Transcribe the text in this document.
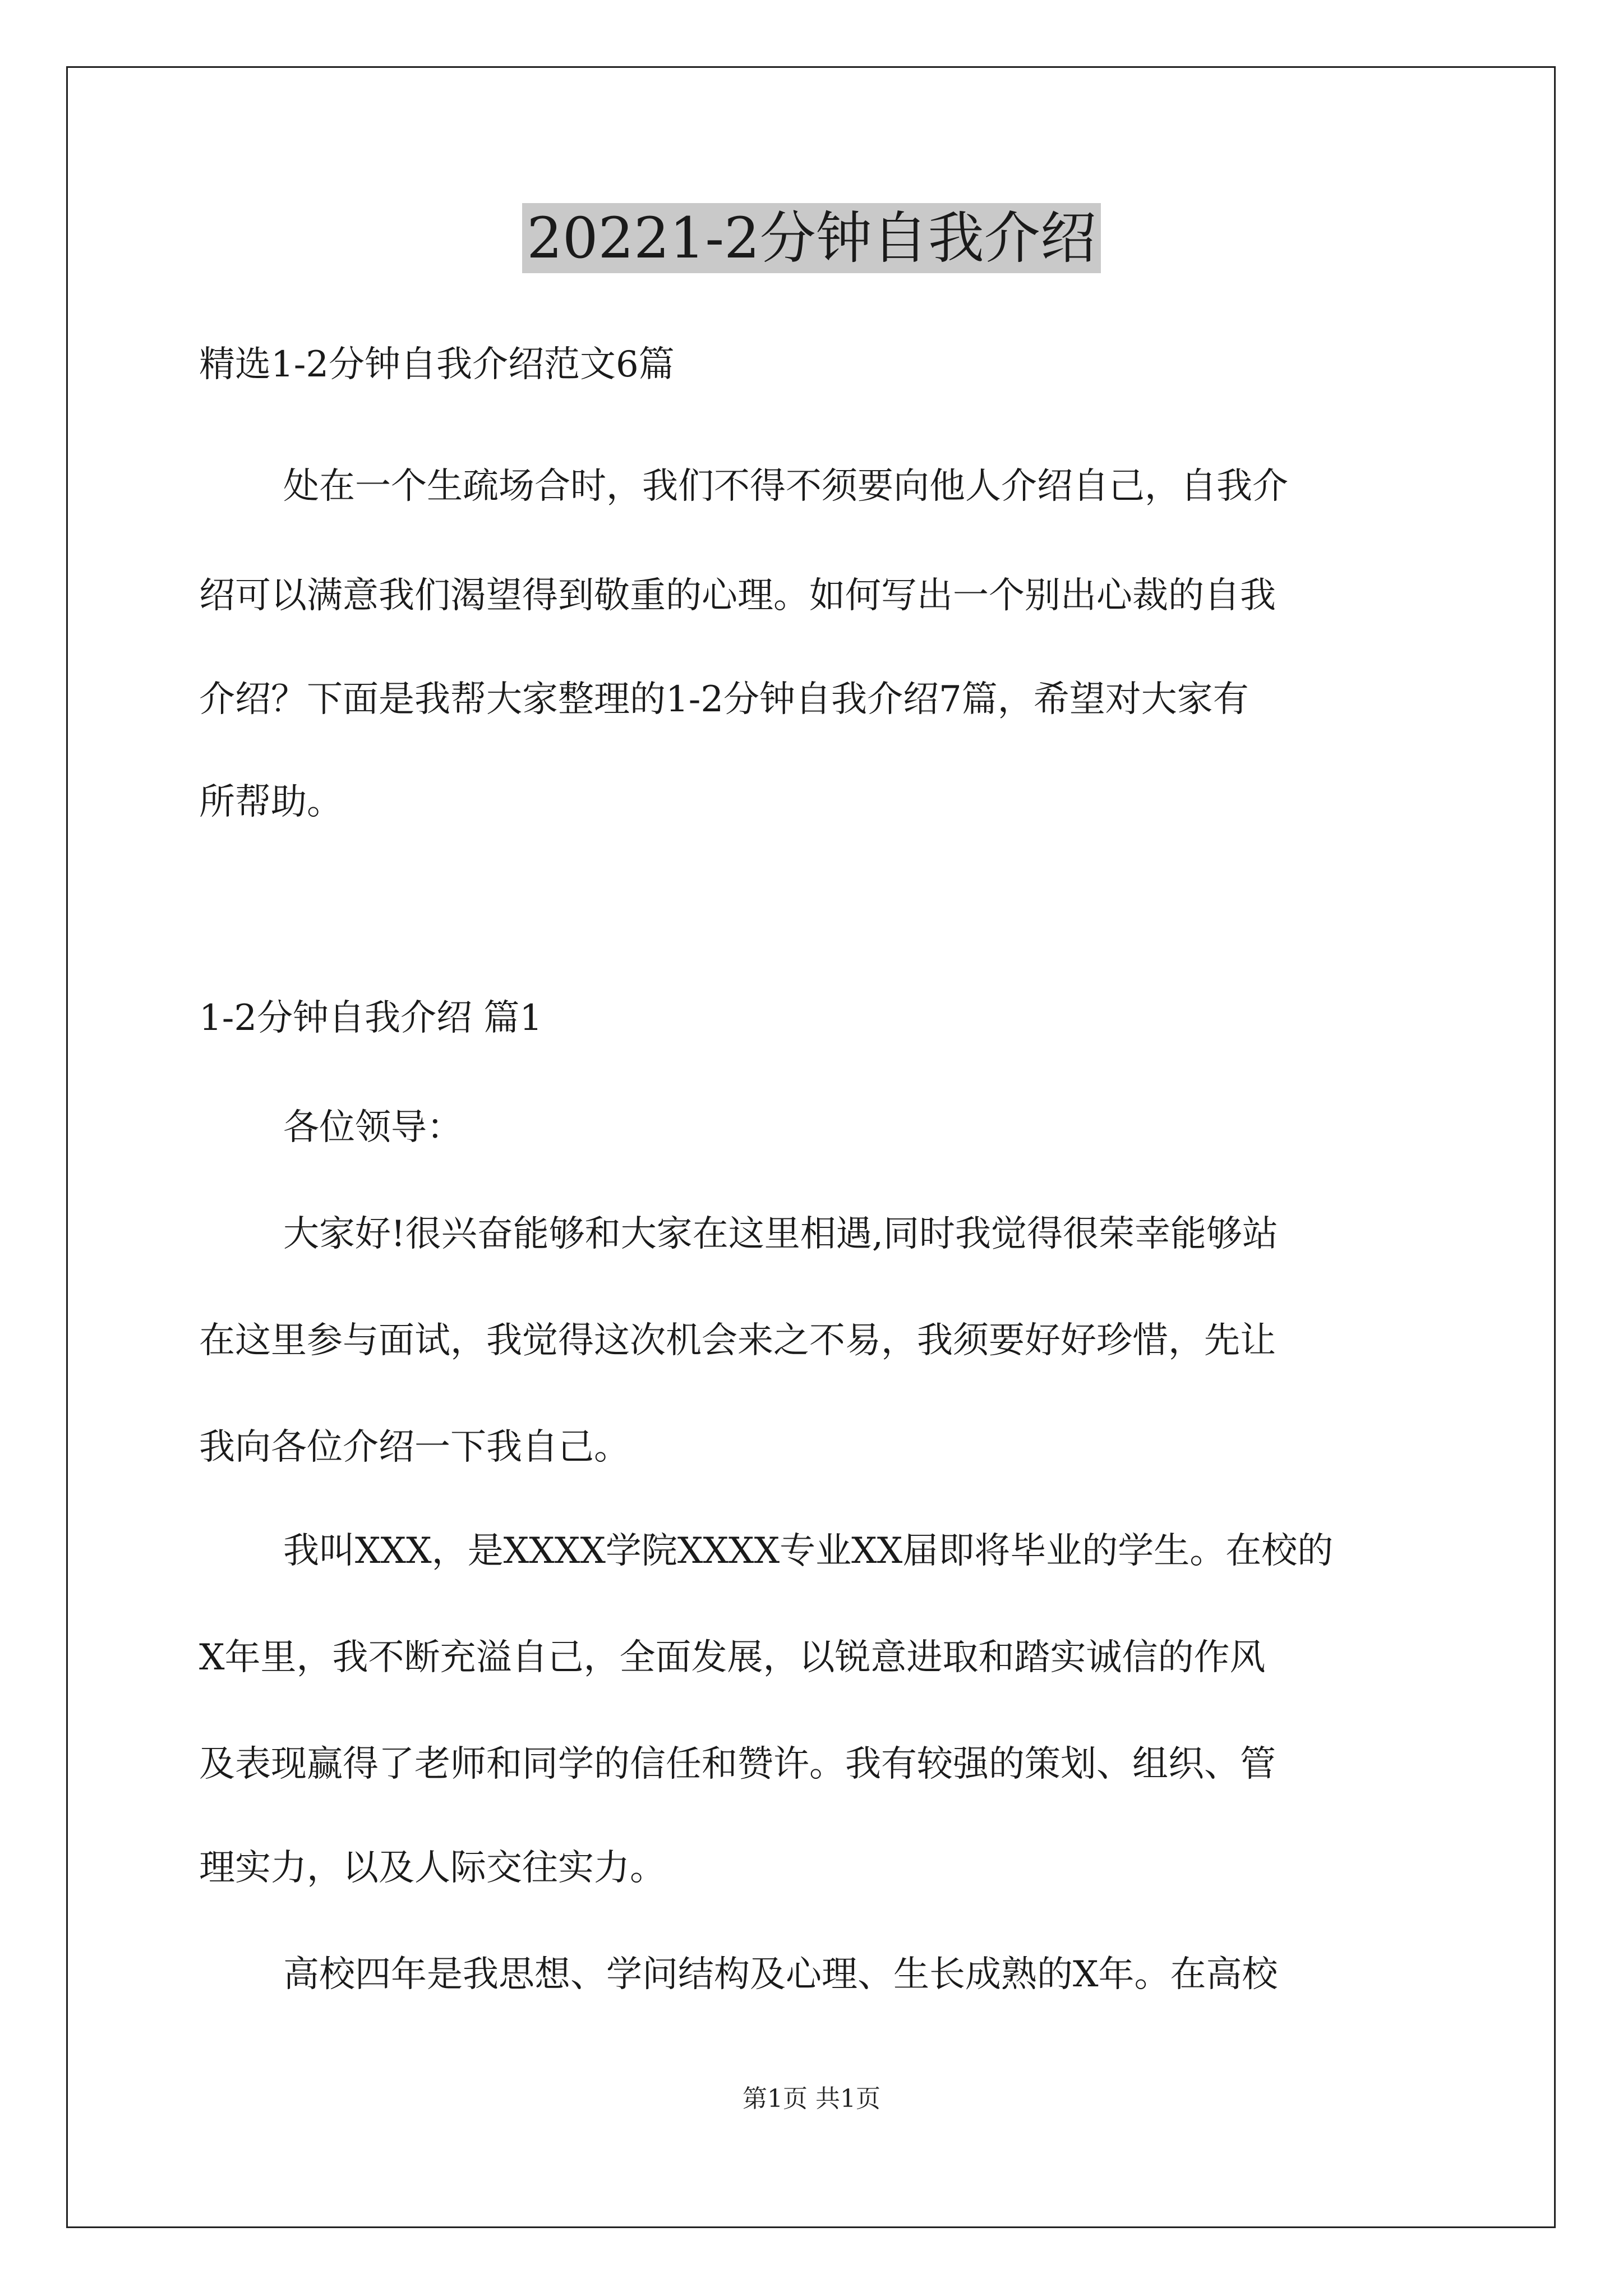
20221-2分钟自我介绍
精选1-2分钟自我介绍范文6篇
处在一个生疏场合时，我们不得不须要向他人介绍自己，自我介
绍可以满意我们渴望得到敬重的心理。如何写出一个别出心裁的自我
介绍？下面是我帮大家整理的1-2分钟自我介绍7篇，希望对大家有
所帮助。
1-2分钟自我介绍 篇1
各位领导：
大家好!很兴奋能够和大家在这里相遇,同时我觉得很荣幸能够站
在这里参与面试，我觉得这次机会来之不易，我须要好好珍惜，先让
我向各位介绍一下我自己。
我叫XXX，是XXXX学院XXXX专业XX届即将毕业的学生。在校的
X年里，我不断充溢自己，全面发展，以锐意进取和踏实诚信的作风
及表现赢得了老师和同学的信任和赞许。我有较强的策划、组织、管
理实力，以及人际交往实力。
高校四年是我思想、学问结构及心理、生长成熟的X年。在高校
第1页 共1页
